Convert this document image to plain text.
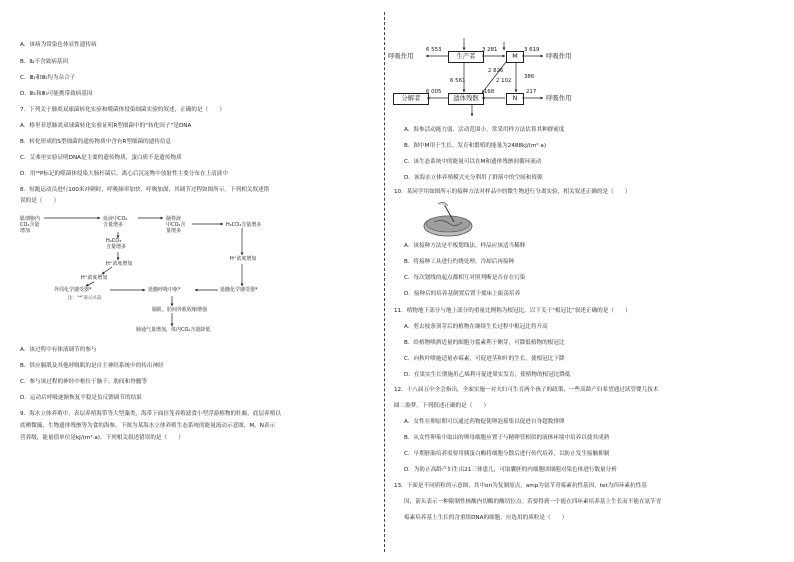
A．该病为常染色体显性遗传病
B．Ⅱ₂不含致病基因
C．Ⅲ₂和Ⅲ₃均为杂合子
D．Ⅲ₁和Ⅲ₃可能携带致病基因
7．下列关于肺炎双球菌转化实验和噬菌体侵染细菌实验的叙述，正确的是（　　）
A．格里菲思肺炎双球菌转化实验证明R型细菌中的“转化因子”是DNA
B．转化形成的S型细菌的遗传物质中含有R型细菌的遗传信息
C．艾弗里实验证明DNA是主要的遗传物质，蛋白质不是遗传物质
D．用³²P标记的噬菌体侵染大肠杆菌后，离心后沉淀物中放射性主要分布在上清液中
8．短跑运动员进行100米冲刺时，呼吸频率加快、呼吸加深，其调节过程如图所示。下列相关叙述错
误的是（　　）
肌细胞内
CO₂含量
增加
血液中CO₂
含量增多
脑脊液
中CO₂含
量增多
H₂CO₃含量增多
H₂CO₃
含量增多
H⁺浓度增加
H⁺浓度增加
H⁺浓度增加
外周化学感受器*	延髓呼吸中枢*	延髓化学感受器*
注：“*”表示兴奋
膈肌、肋间外肌收缩增强
肺通气量增加，体内CO₂含量降低
A．该过程中有体液调节的参与
B．供应膈肌及其他呼吸肌的是自主神经系统中的传出神经
C．参与该过程的神经中枢位于脑干、肋间和脊髓等
D．运动后呼吸逐渐恢复平稳是负反馈调节的结果
9．海水立体养殖中，表层养殖海带等大型藻类，海带下面挂笼养殖滤食小型浮游植物的牡蛎，底层养殖以
底栖微藻、生物遗体残骸等为食的海参。下图为某海水立体养殖生态系统的能量流动示意图，M、N表示
营养级，能量值单位是kJ/(m²·a)。下列相关叙述错误的是（　　）
生产者	M
N
遗体残骸
分解者
呼吸作用	呼吸作用
呼吸作用
6 553	3 281	3 619
2 826
6 561	2 102
386
6 005	168	217
A．海参活动能力弱、活动范围小，常采用样方法估算其种群密度
B．图中M用于生长、发育和繁殖的能量为2488kJ/(m²·a)
C．该生态系统中的能量可以在M和遗体残骸间循环流动
D．该海水立体养殖模式充分利用了群落中的空间和资源
10．某同学用如图所示的接种方法对样品中的微生物进行分离实验，相关叙述正确的是（　　）
A．该接种方法是平板划线法，样品应该适当稀释
B．将接种工具进行灼烧处理，冷却后再接种
C．每次划线的起点都相互对照判断是否存在污染
D．接种后的培养基倒置后置于摇床上振荡培养
11．植物地下部分与地上部分的重量比例称为根冠比。以下关于“根冠比”叙述正确的是（　　）
A．剪去枝条顶芽后的植物在继续生长过程中根冠比将升高
B．给植物喷洒适量的细胞分裂素利于侧芽，可降低植物的根冠比
C．向秋叶喷施适量赤霉素，可促进茎和叶的生长，使根冠比下降
D．在果实生长期施用乙烯利可促进果实发育，使植物的根冠比降低
12．十八届五中全会指出，全面实施一对夫妇可生育两个孩子的政策，一些高龄产妇希望通过试管婴儿技术
圆二胎梦。下列叙述正确的是（　　）
A．女性在卵原期可以通过药物促使卵泡募集以促进自身超数排卵
B．从女性卵巢中取出的卵母细胞应置于与精卵管相似的液体环境中培养以使其成熟
C．早期胚胎培养需要用胰蛋白酶将细胞分散后进行传代培养，以防止发生接触抑制
D．为防止高龄产妇生出21三体患儿，可取囊胚的内细胞团细胞对染色体进行数量分析
13．下面是不同质粒的示意图，其中ori为复制原点，amp为氨苄青霉素抗性基因，tet为四环素抗性基
因，箭头表示一种限制性核酸内切酶的酶切位点。若要得到一个能在四环素培养基上生长而不能在氨苄青
霉素培养基上生长的含重组DNA的细胞，应选用的质粒是（　　）
